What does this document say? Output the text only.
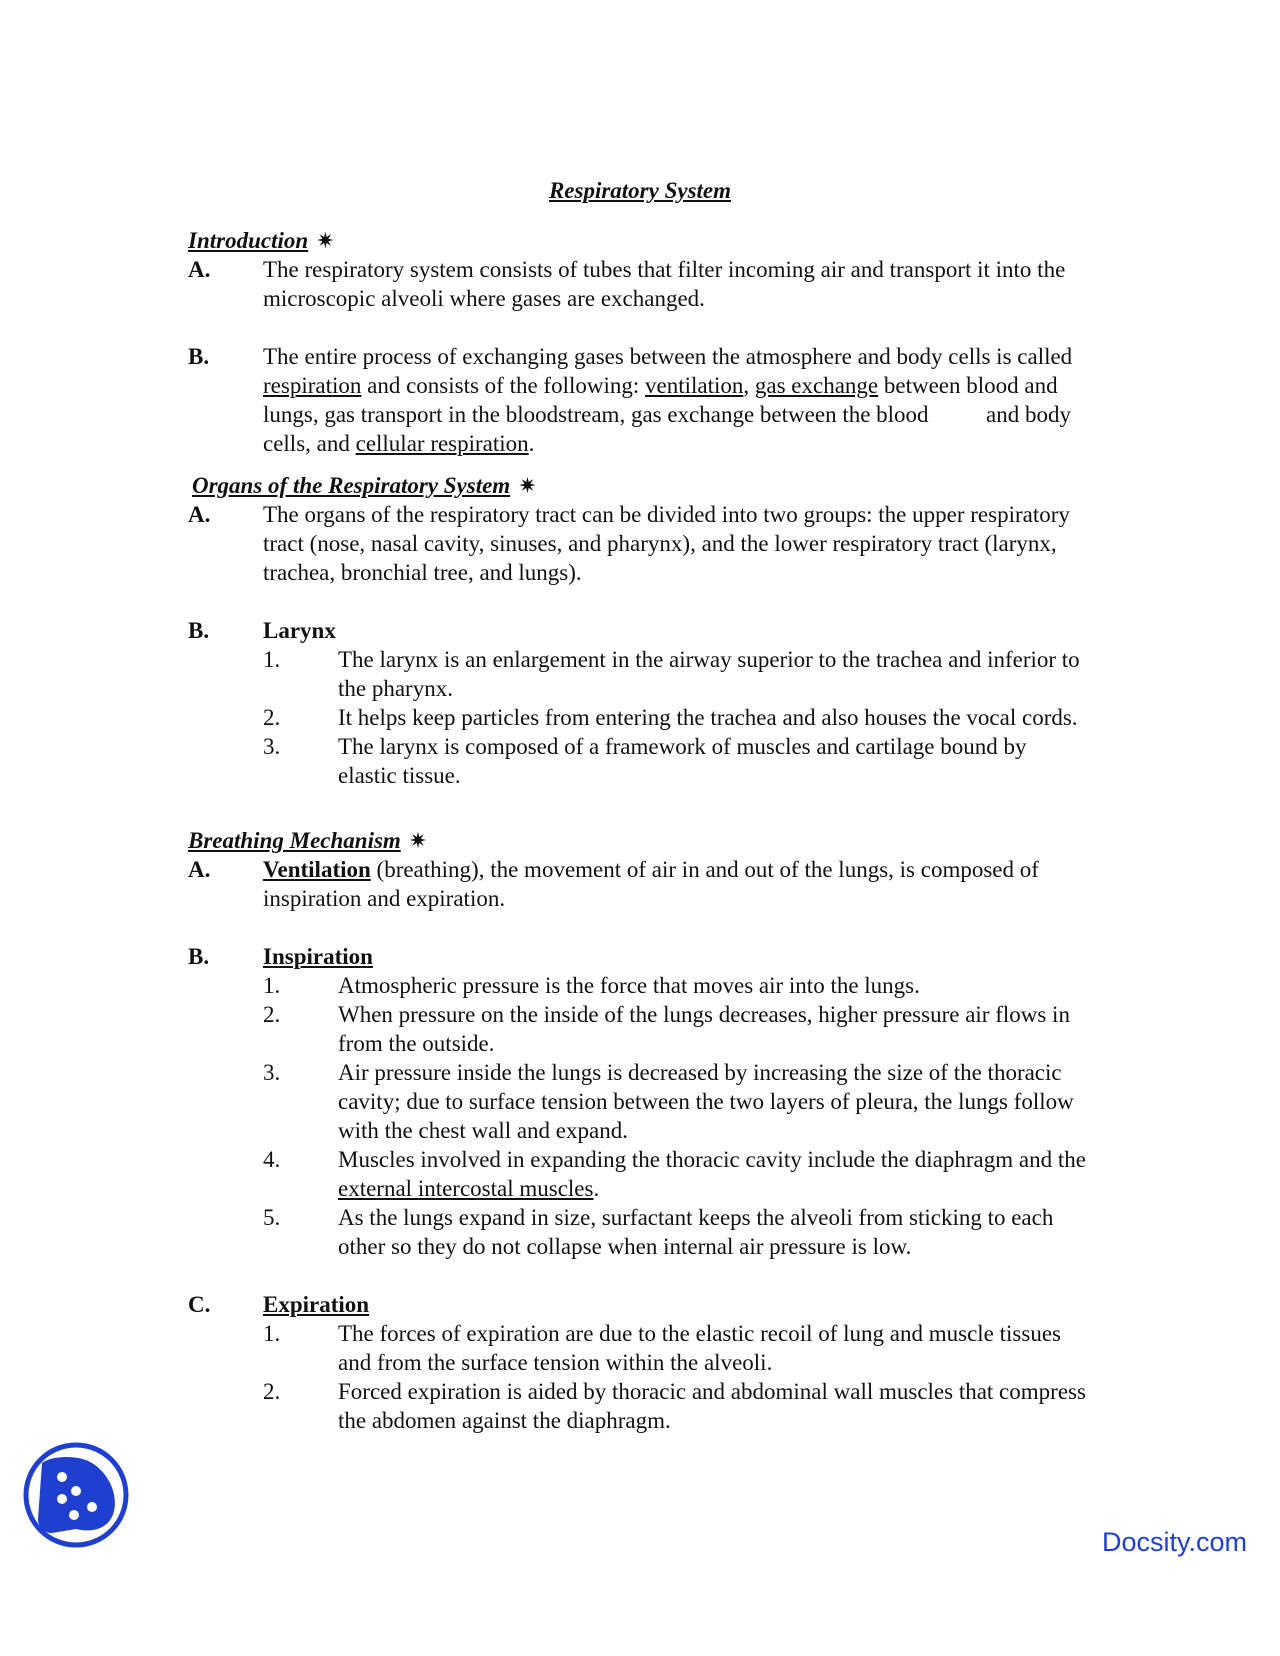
Respiratory System
Introduction ✷
A. The respiratory system consists of tubes that filter incoming air and transport it into the microscopic alveoli where gases are exchanged.
B. The entire process of exchanging gases between the atmosphere and body cells is called respiration and consists of the following: ventilation, gas exchange between blood and lungs, gas transport in the bloodstream, gas exchange between the blood          and body cells, and cellular respiration.
Organs of the Respiratory System ✷
A. The organs of the respiratory tract can be divided into two groups: the upper respiratory tract (nose, nasal cavity, sinuses, and pharynx), and the lower respiratory tract (larynx, trachea, bronchial tree, and lungs).
B. Larynx
1.	The larynx is an enlargement in the airway superior to the trachea and inferior to the pharynx.
2.	It helps keep particles from entering the trachea and also houses the vocal cords.
3.	The larynx is composed of a framework of muscles and cartilage bound by elastic tissue.
Breathing Mechanism ✷
A. Ventilation (breathing), the movement of air in and out of the lungs, is composed of inspiration and expiration.
B. Inspiration
1.	Atmospheric pressure is the force that moves air into the lungs.
2.	When pressure on the inside of the lungs decreases, higher pressure air flows in from the outside.
3.	Air pressure inside the lungs is decreased by increasing the size of the thoracic cavity; due to surface tension between the two layers of pleura, the lungs follow with the chest wall and expand.
4.	Muscles involved in expanding the thoracic cavity include the diaphragm and the external intercostal muscles.
5.	As the lungs expand in size, surfactant keeps the alveoli from sticking to each other so they do not collapse when internal air pressure is low.
C. Expiration
1.	The forces of expiration are due to the elastic recoil of lung and muscle tissues and from the surface tension within the alveoli.
2.	Forced expiration is aided by thoracic and abdominal wall muscles that compress the abdomen against the diaphragm.
Docsity.com
